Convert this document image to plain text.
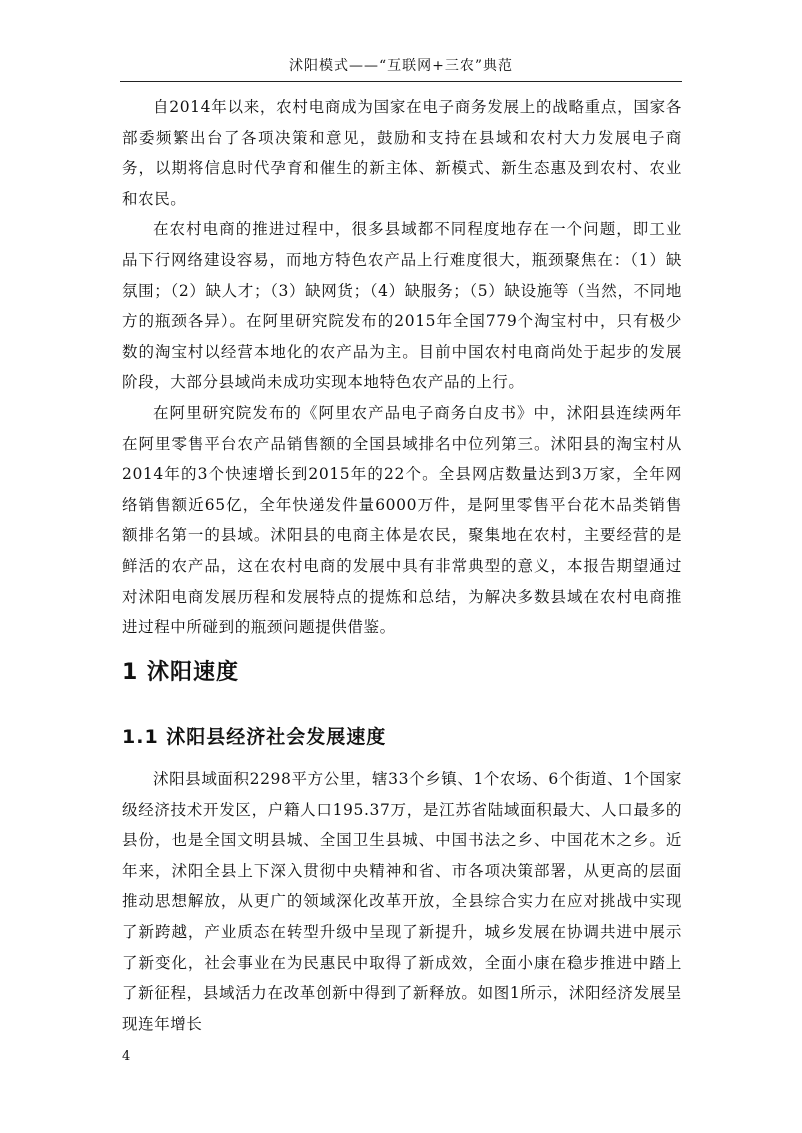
沭阳模式——“互联网+三农”典范

自2014年以来，农村电商成为国家在电子商务发展上的战略重点，国家各部委频繁出台了各项决策和意见，鼓励和支持在县域和农村大力发展电子商务，以期将信息时代孕育和催生的新主体、新模式、新生态惠及到农村、农业和农民。

在农村电商的推进过程中，很多县域都不同程度地存在一个问题，即工业品下行网络建设容易，而地方特色农产品上行难度很大，瓶颈聚焦在：（1）缺氛围；（2）缺人才；（3）缺网货；（4）缺服务；（5）缺设施等（当然，不同地方的瓶颈各异）。在阿里研究院发布的2015年全国779个淘宝村中，只有极少数的淘宝村以经营本地化的农产品为主。目前中国农村电商尚处于起步的发展阶段，大部分县域尚未成功实现本地特色农产品的上行。

在阿里研究院发布的《阿里农产品电子商务白皮书》中，沭阳县连续两年在阿里零售平台农产品销售额的全国县域排名中位列第三。沭阳县的淘宝村从2014年的3个快速增长到2015年的22个。全县网店数量达到3万家，全年网络销售额近65亿，全年快递发件量6000万件，是阿里零售平台花木品类销售额排名第一的县域。沭阳县的电商主体是农民，聚集地在农村，主要经营的是鲜活的农产品，这在农村电商的发展中具有非常典型的意义，本报告期望通过对沭阳电商发展历程和发展特点的提炼和总结，为解决多数县域在农村电商推进过程中所碰到的瓶颈问题提供借鉴。

1 沭阳速度
1.1 沭阳县经济社会发展速度

沭阳县域面积2298平方公里，辖33个乡镇、1个农场、6个街道、1个国家级经济技术开发区，户籍人口195.37万，是江苏省陆域面积最大、人口最多的县份，也是全国文明县城、全国卫生县城、中国书法之乡、中国花木之乡。近年来，沭阳全县上下深入贯彻中央精神和省、市各项决策部署，从更高的层面推动思想解放，从更广的领域深化改革开放，全县综合实力在应对挑战中实现了新跨越，产业质态在转型升级中呈现了新提升，城乡发展在协调共进中展示了新变化，社会事业在为民惠民中取得了新成效，全面小康在稳步推进中踏上了新征程，县域活力在改革创新中得到了新释放。如图1所示，沭阳经济发展呈现连年增长

4
